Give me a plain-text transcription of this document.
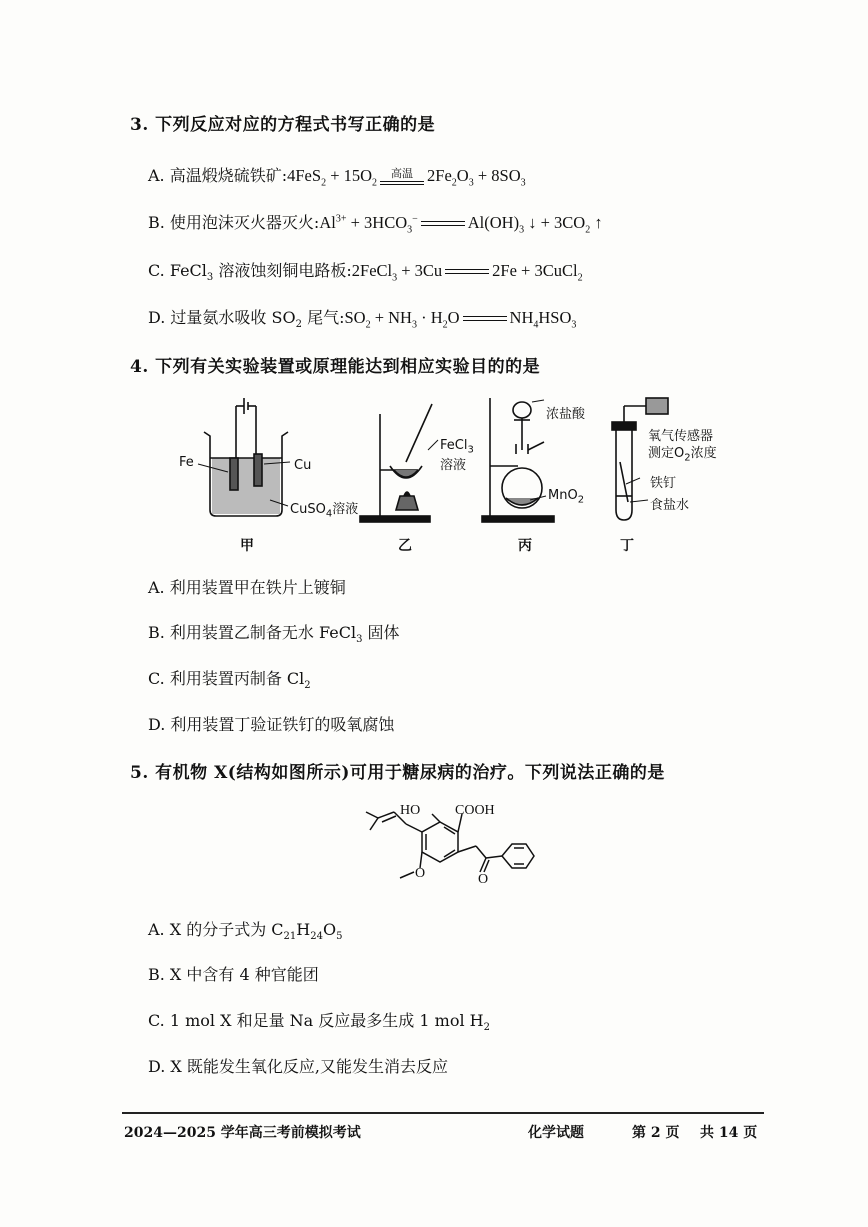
3. 下列反应对应的方程式书写正确的是
A. 高温煅烧硫铁矿:4FeS$_2$ + $15O_2$
高温 $2Fe_2O_3 + 8SO_3$
B. 使用泡沫灭火器灭火$:Al^{3+} + 3HCO_3^-$	$Al(OH)_3$ ↓ + $3CO_2$ ↑
C. FeCl$_3$ 溶液蚀刻铜电路板:2FeCl$_3$ + 3Cu	2Fe + 3CuCl$_2$
D. 过量氨水吸收 $SO_2$ 尾气$:SO_2 + NH_3 \cdot H_2O$	$NH_4HSO_3$
4. 下列有关实验装置或原理能达到相应实验目的的是
Fe	Cu
CuSO$_4$溶液
FeCl$_3$
溶液
浓盐酸
MnO$_2$
氧气传感器
测定$O_2$浓度
铁钉
食盐水
甲	乙	丙	丁
A. 利用装置甲在铁片上镀铜
B. 利用装置乙制备无水 FeCl$_3$ 固体
C. 利用装置丙制备 $Cl_2$
D. 利用装置丁验证铁钉的吸氧腐蚀
5. 有机物 X(结构如图所示)可用于糖尿病的治疗。下列说法正确的是
HO COOH
O	O
A. X 的分子式为 $C_{21}H_{24}O_5$
B. X 中含有 4 种官能团
C. 1 mol X 和足量 Na 反应最多生成 1 mol $H_2$
D. X 既能发生氧化反应,又能发生消去反应
2024—2025 学年高三考前模拟考试	化学试题	第 2 页 共 14 页
